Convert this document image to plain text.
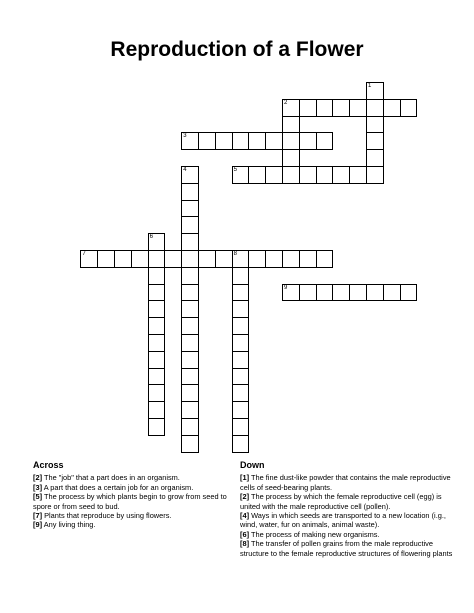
Reproduction of a Flower
1
2
3
4	5
6
7	8
9
Across

[2] The "job" that a part does in an organism.

[3] A part that does a certain job for an organism.

[5] The process by which plants begin to grow from seed to spore or from seed to bud.

[7] Plants that reproduce by using flowers.

[9] Any living thing.

Down

[1] The fine dust-like powder that contains the male reproductive cells of seed-bearing plants.

[2] The process by which the female reproductive cell (egg) is united with the male reproductive cell (pollen).

[4] Ways in which seeds are transported to a new location (i.g., wind, water, fur on animals, animal waste).

[6] The process of making new organisms.

[8] The transfer of pollen grains from the male reproductive structure to the female reproductive structures of flowering plants
